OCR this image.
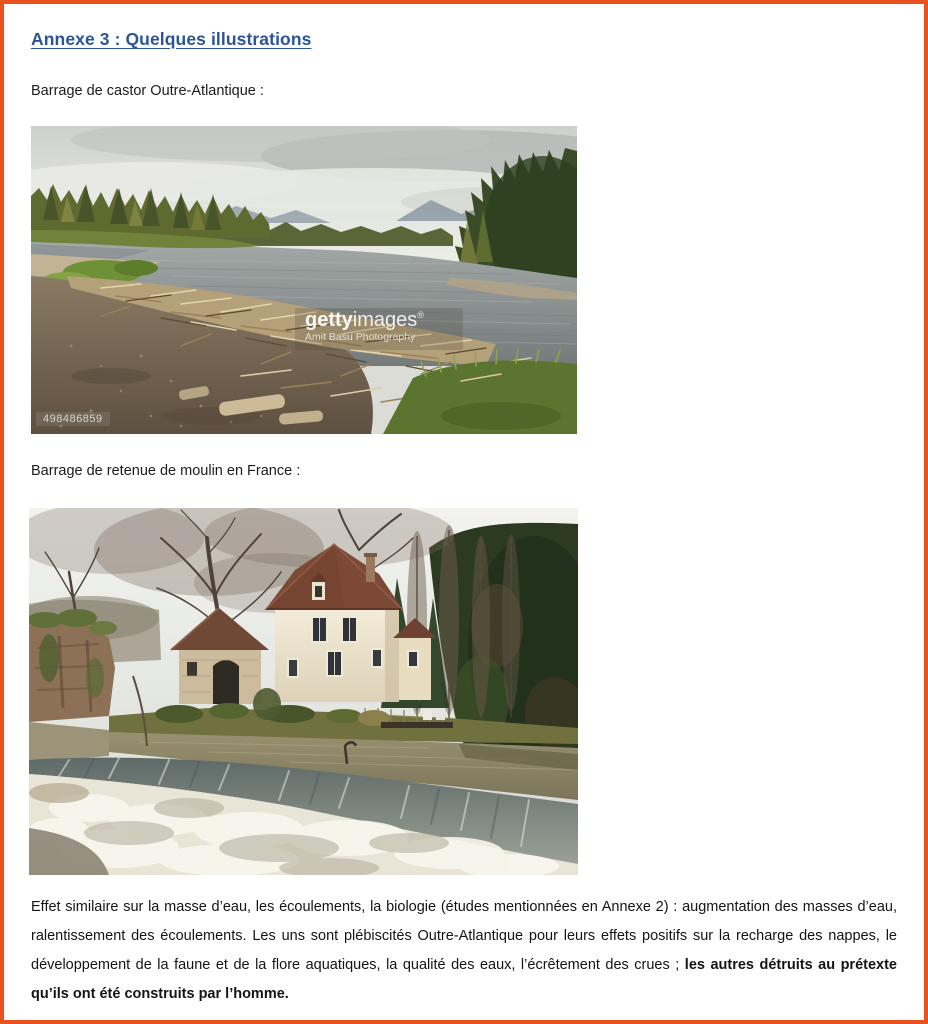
Annexe 3 : Quelques illustrations

Barrage de castor Outre-Atlantique :

gettyimages®
Amit Basu Photography
498486859

Barrage de retenue de moulin en France :

Effet similaire sur la masse d’eau, les écoulements, la biologie (études mentionnées en Annexe 2) : augmentation des masses d’eau, ralentissement des écoulements. Les uns sont plébiscités Outre-Atlantique pour leurs effets positifs sur la recharge des nappes, le développement de la faune et de la flore aquatiques, la qualité des eaux, l’écrêtement des crues ; les autres détruits au prétexte qu’ils ont été construits par l’homme.
